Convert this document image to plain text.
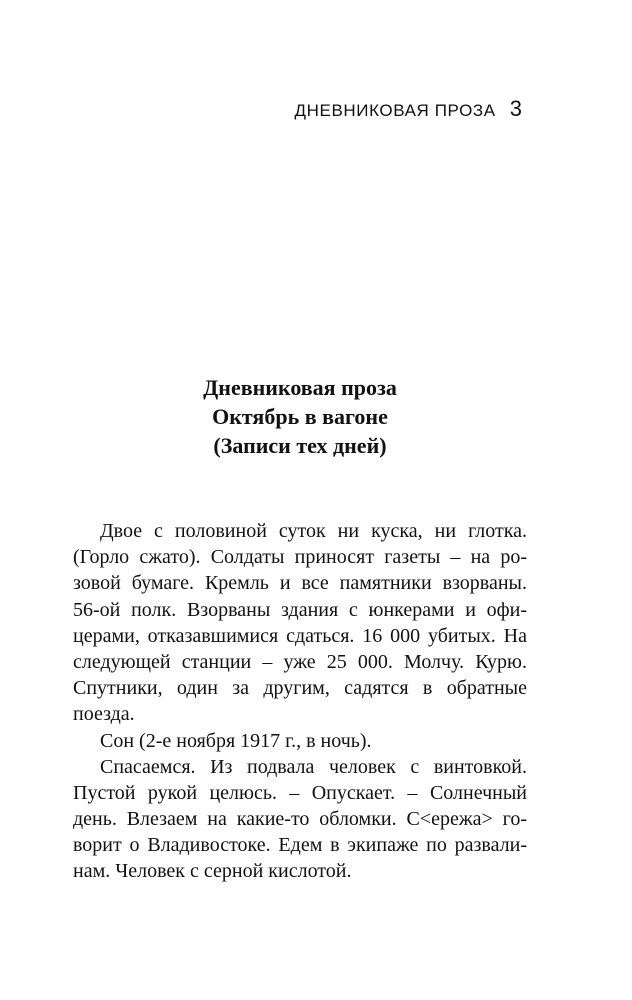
ДНЕВНИКОВАЯ ПРОЗА 3
Дневниковая проза
Октябрь в вагоне
(Записи тех дней)
Двое с половиной суток ни куска, ни глотка.
(Горло сжато). Солдаты приносят газеты – на ро-
зовой бумаге. Кремль и все памятники взорваны.
56-ой полк. Взорваны здания с юнкерами и офи-
церами, отказавшимися сдаться. 16 000 убитых. На
следующей станции – уже 25 000. Молчу. Курю.
Спутники, один за другим, садятся в обратные
поезда.
Сон (2-е ноября 1917 г., в ночь).
Спасаемся. Из подвала человек с винтовкой.
Пустой рукой целюсь. – Опускает. – Солнечный
день. Влезаем на какие-то обломки. С<ережа> го-
ворит о Владивостоке. Едем в экипаже по развали-
нам. Человек с серной кислотой.
